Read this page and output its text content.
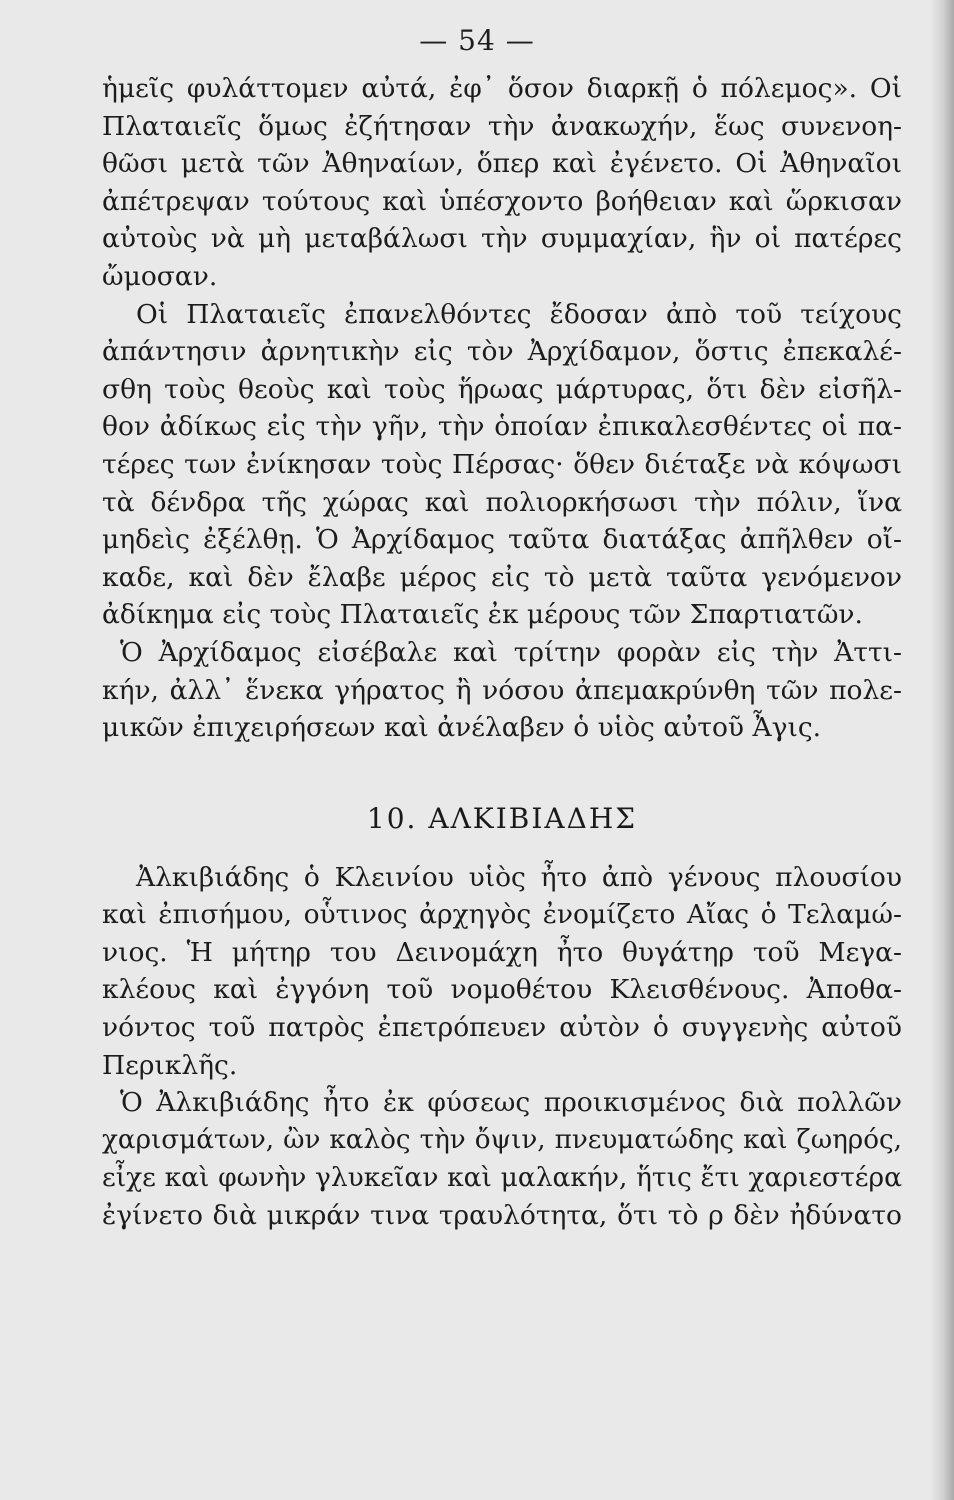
— 54 —
ἡμεῖς φυλάττομεν αὐτά, ἐφ᾽ ὅσον διαρκῇ ὁ πόλεμος». Οἱ
Πλαταιεῖς ὅμως ἐζήτησαν τὴν ἀνακωχήν, ἕως συνενοη-
θῶσι μετὰ τῶν Ἀθηναίων, ὅπερ καὶ ἐγένετο. Οἱ Ἀθηναῖοι
ἀπέτρεψαν τούτους καὶ ὑπέσχοντο βοήθειαν καὶ ὥρκισαν
αὐτοὺς νὰ μὴ μεταβάλωσι τὴν συμμαχίαν, ἣν οἱ πατέρες
ὤμοσαν.
Οἱ Πλαταιεῖς ἐπανελθόντες ἔδοσαν ἀπὸ τοῦ τείχους
ἀπάντησιν ἀρνητικὴν εἰς τὸν Ἀρχίδαμον, ὅστις ἐπεκαλέ-
σθη τοὺς θεοὺς καὶ τοὺς ἥρωας μάρτυρας, ὅτι δὲν εἰσῆλ-
θον ἀδίκως εἰς τὴν γῆν, τὴν ὁποίαν ἐπικαλεσθέντες οἱ πα-
τέρες των ἐνίκησαν τοὺς Πέρσας· ὅθεν διέταξε νὰ κόψωσι
τὰ δένδρα τῆς χώρας καὶ πολιορκήσωσι τὴν πόλιν, ἵνα
μηδεὶς ἐξέλθῃ. Ὁ Ἀρχίδαμος ταῦτα διατάξας ἀπῆλθεν οἴ-
καδε, καὶ δὲν ἔλαβε μέρος εἰς τὸ μετὰ ταῦτα γενόμενον
ἀδίκημα εἰς τοὺς Πλαταιεῖς ἐκ μέρους τῶν Σπαρτιατῶν.
Ὁ Ἀρχίδαμος εἰσέβαλε καὶ τρίτην φορὰν εἰς τὴν Ἀττι-
κήν, ἀλλ᾽ ἕνεκα γήρατος ἢ νόσου ἀπεμακρύνθη τῶν πολε-
μικῶν ἐπιχειρήσεων καὶ ἀνέλαβεν ὁ υἱὸς αὐτοῦ Ἆγις.
10. ΑΛΚΙΒΙΑΔΗΣ
Ἀλκιβιάδης ὁ Κλεινίου υἱὸς ἦτο ἀπὸ γένους πλουσίου
καὶ ἐπισήμου, οὗτινος ἀρχηγὸς ἐνομίζετο Αἴας ὁ Τελαμώ-
νιος. Ἡ μήτηρ του Δεινομάχη ἦτο θυγάτηρ τοῦ Μεγα-
κλέους καὶ ἐγγόνη τοῦ νομοθέτου Κλεισθένους. Ἀποθα-
νόντος τοῦ πατρὸς ἐπετρόπευεν αὐτὸν ὁ συγγενὴς αὐτοῦ
Περικλῆς.
Ὁ Ἀλκιβιάδης ἦτο ἐκ φύσεως προικισμένος διὰ πολλῶν
χαρισμάτων, ὢν καλὸς τὴν ὄψιν, πνευματώδης καὶ ζωηρός,
εἶχε καὶ φωνὴν γλυκεῖαν καὶ μαλακήν, ἥτις ἔτι χαριεστέρα
ἐγίνετο διὰ μικράν τινα τραυλότητα, ὅτι τὸ ρ δὲν ἠδύνατο
